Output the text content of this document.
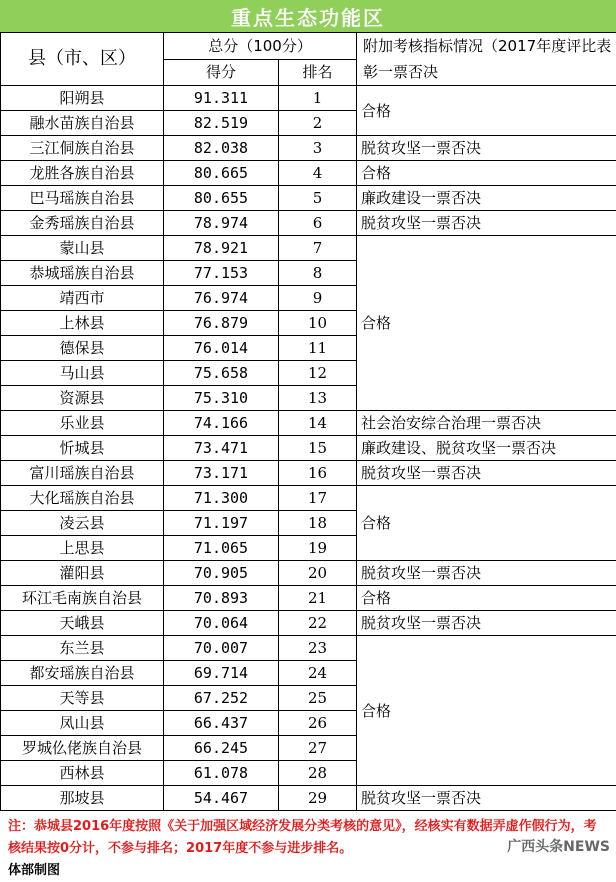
重点生态功能区
县（市、区）	总分（100分）		附加考核指标情况（2017年度评比表彰一票否决
	得分	排名	
阳朔县	91.311	1	合格
融水苗族自治县	82.519	2	
三江侗族自治县	82.038	3	脱贫攻坚一票否决
龙胜各族自治县	80.665	4	合格
巴马瑶族自治县	80.655	5	廉政建设一票否决
金秀瑶族自治县	78.974	6	脱贫攻坚一票否决
蒙山县	78.921	7	合格
恭城瑶族自治县	77.153	8	
靖西市	76.974	9	
上林县	76.879	10	
德保县	76.014	11	
马山县	75.658	12	
资源县	75.310	13	
乐业县	74.166	14	社会治安综合治理一票否决
忻城县	73.471	15	廉政建设、脱贫攻坚一票否决
富川瑶族自治县	73.171	16	脱贫攻坚一票否决
大化瑶族自治县	71.300	17	合格
凌云县	71.197	18	
上思县	71.065	19	
灌阳县	70.905	20	脱贫攻坚一票否决
环江毛南族自治县	70.893	21	合格
天峨县	70.064	22	脱贫攻坚一票否决
东兰县	70.007	23	合格
都安瑶族自治县	69.714	24	
天等县	67.252	25	
凤山县	66.437	26	
罗城仫佬族自治县	66.245	27	
西林县	61.078	28	
那坡县	54.467	29	脱贫攻坚一票否决
注：恭城县2016年度按照《关于加强区域经济发展分类考核的意见》，经核实有数据弄虚作假行为，考核结果按0分计，不参与排名；2017年度不参与进步排名。
体部制图
广西头条NEWS
